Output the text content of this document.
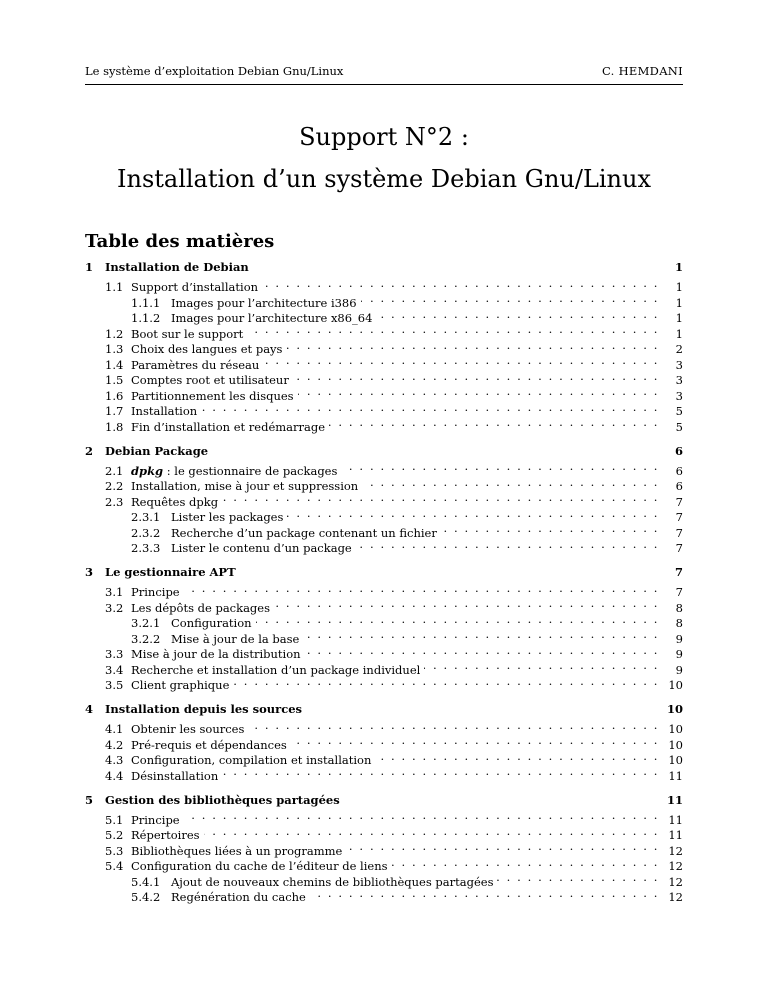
Le système d’exploitation Debian Gnu/Linux	C. HEMDANI
Support N°2 :
Installation d’un système Debian Gnu/Linux
Table des matières
1	Installation de Debian	1
1.1 Support d’installation . . .	1
1.1.1 Images pour l’architecture i386 . . .	1
1.1.2 Images pour l’architecture x86_64 . . .	1
1.2 Boot sur le support . . .	1
1.3 Choix des langues et pays . . .	2
1.4 Paramètres du réseau . . .	3
1.5 Comptes root et utilisateur . . .	3
1.6 Partitionnement les disques . . .	3
1.7 Installation . . .	5
1.8 Fin d’installation et redémarrage . . .	5
2	Debian Package	6
2.1 dpkg : le gestionnaire de packages . . .	6
2.2 Installation, mise à jour et suppression . . .	6
2.3 Requêtes dpkg . . .	7
2.3.1 Lister les packages . . .	7
2.3.2 Recherche d’un package contenant un fichier . . .	7
2.3.3 Lister le contenu d’un package . . .	7
3	Le gestionnaire APT	7
3.1 Principe . . .	7
3.2 Les dépôts de packages . . .	8
3.2.1 Configuration . . .	8
3.2.2 Mise à jour de la base . . .	9
3.3 Mise à jour de la distribution . . .	9
3.4 Recherche et installation d’un package individuel . . .	9
3.5 Client graphique . . .	10
4	Installation depuis les sources	10
4.1 Obtenir les sources . . .	10
4.2 Pré-requis et dépendances . . .	10
4.3 Configuration, compilation et installation . . .	10
4.4 Désinstallation . . .	11
5	Gestion des bibliothèques partagées	11
5.1 Principe . . .	11
5.2 Répertoires . . .	11
5.3 Bibliothèques liées à un programme . . .	12
5.4 Configuration du cache de l’éditeur de liens . . .	12
5.4.1 Ajout de nouveaux chemins de bibliothèques partagées . . .	12
5.4.2 Regénération du cache . . .	12
